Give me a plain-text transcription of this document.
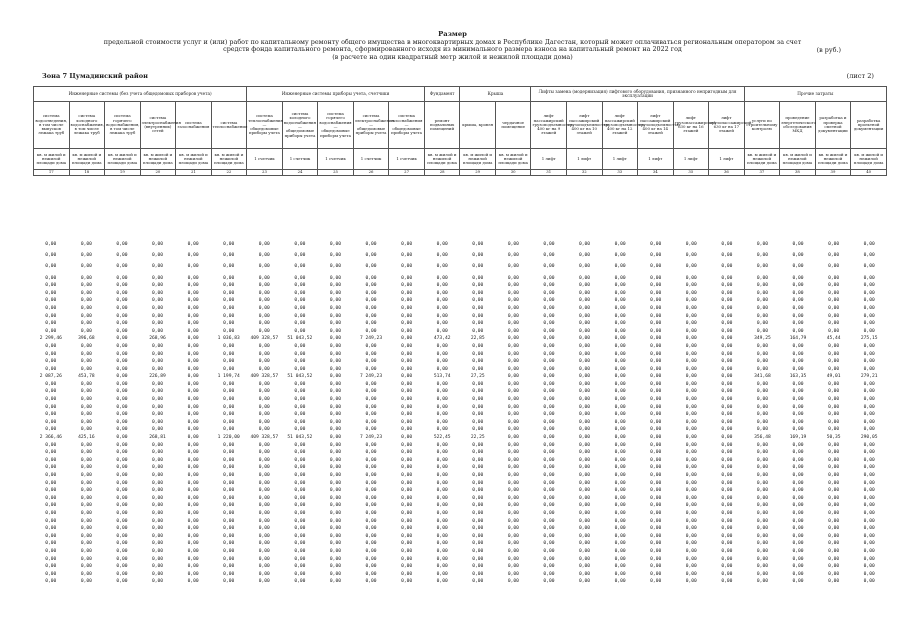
Размер
предельной стоимости услуг и (или) работ по капитальному ремонту общего имущества в многоквартирных домах в Республике Дагестан, который может оплачиваться региональным оператором за счет
средств фонда капитального ремонта, сформированного исходя из минимального размера взноса на капитальный ремонт на 2022 год
(в расчете на один квадратный метр жилой и нежилой площади дома)
(в руб.)
Зона 7 Цумадинский район	(лист 2)
Инженерные системы (без учета общедомовых приборов учета)						Инженерные системы приборы учета, счетчики					Фундамент	Крыша		Лифты замена (модернизация) лифтового оборудования, признанного непригодным для эксплуатации						Прочие затраты			
система водоотведения, в том числе выпусков лежака труб	система холодного водоснабжения, в том числе лежака труб	система горячего водоснабжения, в том числе лежака труб	система электроснабжения (внутренних) сетей	система газоснабжения	система теплоснабжения	система теплоснабжения — общедомовые приборы учета	система холодного водоснабжения — общедомовые приборы учета	система горячего водоснабжения — общедомовые приборы учета	система электроснабжения — общедомовые приборы учета	система газоснабжения — общедомовые приборы учета	ремонт подвальных помещений	крыша, кровля	чердачное помещение	лифт пассажирский грузоподъемностью 400 кг на 9 этажей	лифт пассажирский грузоподъемностью 400 кг на 10 этажей	лифт пассажирский грузоподъемностью 400 кг на 12 этажей	лифт пассажирский грузоподъемностью 400 кг на 14 этажей	лифт грузопассажирский 630 кг на 16 этажей	лифт грузопассажирский 630 кг на 17 этажей	услуги по строительному контролю	проведение энергетического обследования МКД	разработка и проверка сметной документации	разработка проектной документации
кв. м жилой и нежилой площади дома	кв. м жилой и нежилой площади дома	кв. м жилой и нежилой площади дома	кв. м жилой и нежилой площади дома	кв. м жилой и нежилой площади дома	кв. м жилой и нежилой площади дома	1 счетчик	1 счетчик	1 счетчик	1 счетчик	1 счетчик	кв. м жилой и нежилой площади дома	кв. м жилой и нежилой площади дома	кв. м жилой и нежилой площади дома	1 лифт	1 лифт	1 лифт	1 лифт	1 лифт	1 лифт	кв. м жилой и нежилой площади дома	кв. м жилой и нежилой площади дома	кв. м жилой и нежилой площади дома	кв. м жилой и нежилой площади дома
17	18	19	20	21	22	23	24	25	26	27	28	29	30	31	32	33	34	35	36	37	38	39	40
0,00	0,00	0,00	0,00	0,00	0,00	0,00	0,00	0,00	0,00	0,00	0,00	0,00	0,00	0,00	0,00	0,00	0,00	0,00	0,00	0,00	0,00	0,00	0,00
0,00	0,00	0,00	0,00	0,00	0,00	0,00	0,00	0,00	0,00	0,00	0,00	0,00	0,00	0,00	0,00	0,00	0,00	0,00	0,00	0,00	0,00	0,00	0,00
0,00	0,00	0,00	0,00	0,00	0,00	0,00	0,00	0,00	0,00	0,00	0,00	0,00	0,00	0,00	0,00	0,00	0,00	0,00	0,00	0,00	0,00	0,00	0,00
0,00	0,00	0,00	0,00	0,00	0,00	0,00	0,00	0,00	0,00	0,00	0,00	0,00	0,00	0,00	0,00	0,00	0,00	0,00	0,00	0,00	0,00	0,00	0,00
0,00	0,00	0,00	0,00	0,00	0,00	0,00	0,00	0,00	0,00	0,00	0,00	0,00	0,00	0,00	0,00	0,00	0,00	0,00	0,00	0,00	0,00	0,00	0,00
0,00	0,00	0,00	0,00	0,00	0,00	0,00	0,00	0,00	0,00	0,00	0,00	0,00	0,00	0,00	0,00	0,00	0,00	0,00	0,00	0,00	0,00	0,00	0,00
0,00	0,00	0,00	0,00	0,00	0,00	0,00	0,00	0,00	0,00	0,00	0,00	0,00	0,00	0,00	0,00	0,00	0,00	0,00	0,00	0,00	0,00	0,00	0,00
0,00	0,00	0,00	0,00	0,00	0,00	0,00	0,00	0,00	0,00	0,00	0,00	0,00	0,00	0,00	0,00	0,00	0,00	0,00	0,00	0,00	0,00	0,00	0,00
0,00	0,00	0,00	0,00	0,00	0,00	0,00	0,00	0,00	0,00	0,00	0,00	0,00	0,00	0,00	0,00	0,00	0,00	0,00	0,00	0,00	0,00	0,00	0,00
0,00	0,00	0,00	0,00	0,00	0,00	0,00	0,00	0,00	0,00	0,00	0,00	0,00	0,00	0,00	0,00	0,00	0,00	0,00	0,00	0,00	0,00	0,00	0,00
0,00	0,00	0,00	0,00	0,00	0,00	0,00	0,00	0,00	0,00	0,00	0,00	0,00	0,00	0,00	0,00	0,00	0,00	0,00	0,00	0,00	0,00	0,00	0,00
2 299,46	396,68	0,00	268,96	0,00	1 036,83	409 328,57	51 043,52	0,00	7 249,23	0,00	473,42	22,85	0,00	0,00	0,00	0,00	0,00	0,00	0,00	349,25	164,79	45,44	275,15
0,00	0,00	0,00	0,00	0,00	0,00	0,00	0,00	0,00	0,00	0,00	0,00	0,00	0,00	0,00	0,00	0,00	0,00	0,00	0,00	0,00	0,00	0,00	0,00
0,00	0,00	0,00	0,00	0,00	0,00	0,00	0,00	0,00	0,00	0,00	0,00	0,00	0,00	0,00	0,00	0,00	0,00	0,00	0,00	0,00	0,00	0,00	0,00
0,00	0,00	0,00	0,00	0,00	0,00	0,00	0,00	0,00	0,00	0,00	0,00	0,00	0,00	0,00	0,00	0,00	0,00	0,00	0,00	0,00	0,00	0,00	0,00
0,00	0,00	0,00	0,00	0,00	0,00	0,00	0,00	0,00	0,00	0,00	0,00	0,00	0,00	0,00	0,00	0,00	0,00	0,00	0,00	0,00	0,00	0,00	0,00
2 087,26	453,78	0,00	226,89	0,00	1 199,74	409 328,57	51 043,52	0,00	7 249,23	0,00	513,74	27,25	0,00	0,00	0,00	0,00	0,00	0,00	0,00	341,68	163,35	49,01	279,21
0,00	0,00	0,00	0,00	0,00	0,00	0,00	0,00	0,00	0,00	0,00	0,00	0,00	0,00	0,00	0,00	0,00	0,00	0,00	0,00	0,00	0,00	0,00	0,00
0,00	0,00	0,00	0,00	0,00	0,00	0,00	0,00	0,00	0,00	0,00	0,00	0,00	0,00	0,00	0,00	0,00	0,00	0,00	0,00	0,00	0,00	0,00	0,00
0,00	0,00	0,00	0,00	0,00	0,00	0,00	0,00	0,00	0,00	0,00	0,00	0,00	0,00	0,00	0,00	0,00	0,00	0,00	0,00	0,00	0,00	0,00	0,00
0,00	0,00	0,00	0,00	0,00	0,00	0,00	0,00	0,00	0,00	0,00	0,00	0,00	0,00	0,00	0,00	0,00	0,00	0,00	0,00	0,00	0,00	0,00	0,00
0,00	0,00	0,00	0,00	0,00	0,00	0,00	0,00	0,00	0,00	0,00	0,00	0,00	0,00	0,00	0,00	0,00	0,00	0,00	0,00	0,00	0,00	0,00	0,00
0,00	0,00	0,00	0,00	0,00	0,00	0,00	0,00	0,00	0,00	0,00	0,00	0,00	0,00	0,00	0,00	0,00	0,00	0,00	0,00	0,00	0,00	0,00	0,00
0,00	0,00	0,00	0,00	0,00	0,00	0,00	0,00	0,00	0,00	0,00	0,00	0,00	0,00	0,00	0,00	0,00	0,00	0,00	0,00	0,00	0,00	0,00	0,00
2 366,46	425,16	0,00	268,81	0,00	1 220,00	409 328,57	51 043,52	0,00	7 249,23	0,00	522,45	22,25	0,00	0,00	0,00	0,00	0,00	0,00	0,00	356,48	169,19	50,35	290,05
0,00	0,00	0,00	0,00	0,00	0,00	0,00	0,00	0,00	0,00	0,00	0,00	0,00	0,00	0,00	0,00	0,00	0,00	0,00	0,00	0,00	0,00	0,00	0,00
0,00	0,00	0,00	0,00	0,00	0,00	0,00	0,00	0,00	0,00	0,00	0,00	0,00	0,00	0,00	0,00	0,00	0,00	0,00	0,00	0,00	0,00	0,00	0,00
0,00	0,00	0,00	0,00	0,00	0,00	0,00	0,00	0,00	0,00	0,00	0,00	0,00	0,00	0,00	0,00	0,00	0,00	0,00	0,00	0,00	0,00	0,00	0,00
0,00	0,00	0,00	0,00	0,00	0,00	0,00	0,00	0,00	0,00	0,00	0,00	0,00	0,00	0,00	0,00	0,00	0,00	0,00	0,00	0,00	0,00	0,00	0,00
0,00	0,00	0,00	0,00	0,00	0,00	0,00	0,00	0,00	0,00	0,00	0,00	0,00	0,00	0,00	0,00	0,00	0,00	0,00	0,00	0,00	0,00	0,00	0,00
0,00	0,00	0,00	0,00	0,00	0,00	0,00	0,00	0,00	0,00	0,00	0,00	0,00	0,00	0,00	0,00	0,00	0,00	0,00	0,00	0,00	0,00	0,00	0,00
0,00	0,00	0,00	0,00	0,00	0,00	0,00	0,00	0,00	0,00	0,00	0,00	0,00	0,00	0,00	0,00	0,00	0,00	0,00	0,00	0,00	0,00	0,00	0,00
0,00	0,00	0,00	0,00	0,00	0,00	0,00	0,00	0,00	0,00	0,00	0,00	0,00	0,00	0,00	0,00	0,00	0,00	0,00	0,00	0,00	0,00	0,00	0,00
0,00	0,00	0,00	0,00	0,00	0,00	0,00	0,00	0,00	0,00	0,00	0,00	0,00	0,00	0,00	0,00	0,00	0,00	0,00	0,00	0,00	0,00	0,00	0,00
0,00	0,00	0,00	0,00	0,00	0,00	0,00	0,00	0,00	0,00	0,00	0,00	0,00	0,00	0,00	0,00	0,00	0,00	0,00	0,00	0,00	0,00	0,00	0,00
0,00	0,00	0,00	0,00	0,00	0,00	0,00	0,00	0,00	0,00	0,00	0,00	0,00	0,00	0,00	0,00	0,00	0,00	0,00	0,00	0,00	0,00	0,00	0,00
0,00	0,00	0,00	0,00	0,00	0,00	0,00	0,00	0,00	0,00	0,00	0,00	0,00	0,00	0,00	0,00	0,00	0,00	0,00	0,00	0,00	0,00	0,00	0,00
0,00	0,00	0,00	0,00	0,00	0,00	0,00	0,00	0,00	0,00	0,00	0,00	0,00	0,00	0,00	0,00	0,00	0,00	0,00	0,00	0,00	0,00	0,00	0,00
0,00	0,00	0,00	0,00	0,00	0,00	0,00	0,00	0,00	0,00	0,00	0,00	0,00	0,00	0,00	0,00	0,00	0,00	0,00	0,00	0,00	0,00	0,00	0,00
0,00	0,00	0,00	0,00	0,00	0,00	0,00	0,00	0,00	0,00	0,00	0,00	0,00	0,00	0,00	0,00	0,00	0,00	0,00	0,00	0,00	0,00	0,00	0,00
0,00	0,00	0,00	0,00	0,00	0,00	0,00	0,00	0,00	0,00	0,00	0,00	0,00	0,00	0,00	0,00	0,00	0,00	0,00	0,00	0,00	0,00	0,00	0,00
0,00	0,00	0,00	0,00	0,00	0,00	0,00	0,00	0,00	0,00	0,00	0,00	0,00	0,00	0,00	0,00	0,00	0,00	0,00	0,00	0,00	0,00	0,00	0,00
0,00	0,00	0,00	0,00	0,00	0,00	0,00	0,00	0,00	0,00	0,00	0,00	0,00	0,00	0,00	0,00	0,00	0,00	0,00	0,00	0,00	0,00	0,00	0,00
0,00	0,00	0,00	0,00	0,00	0,00	0,00	0,00	0,00	0,00	0,00	0,00	0,00	0,00	0,00	0,00	0,00	0,00	0,00	0,00	0,00	0,00	0,00	0,00
